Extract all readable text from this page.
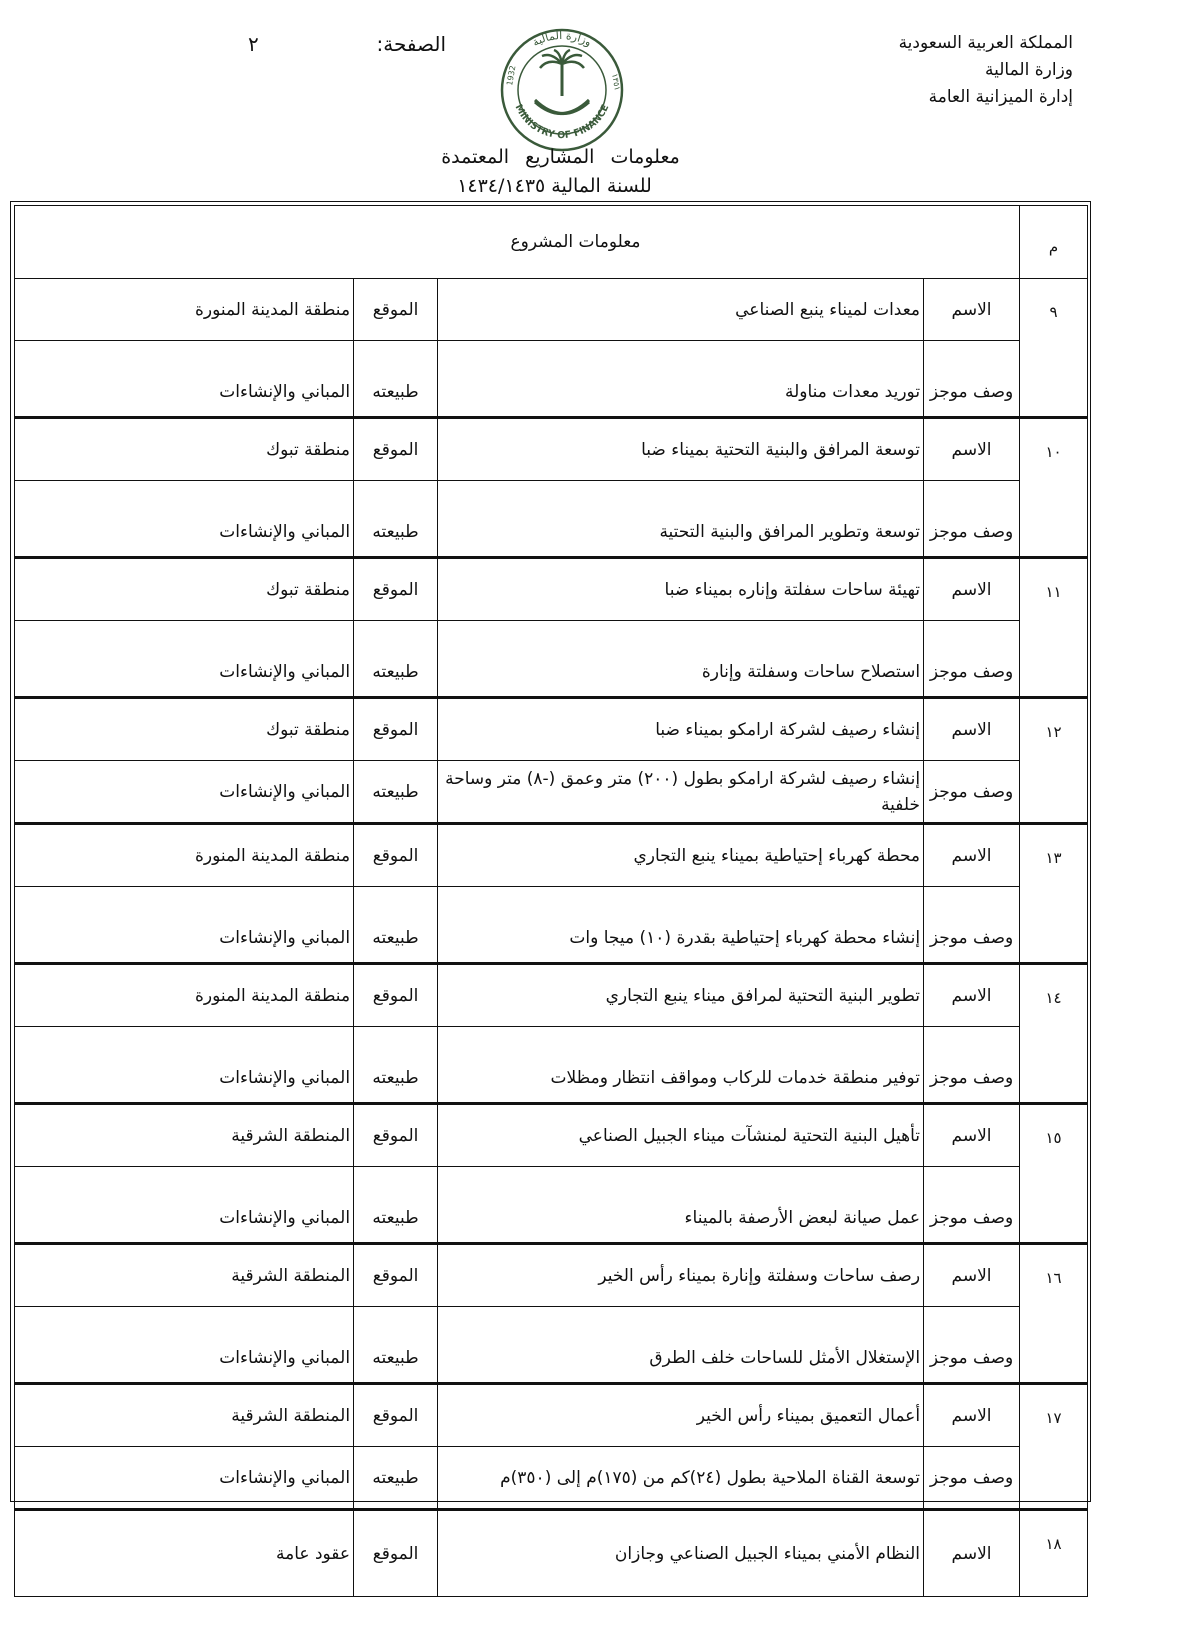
المملكة العربية السعودية
وزارة المالية
إدارة الميزانية العامة
الصفحة:
٢	وزارة المالية
MINISTRY OF FINANCE
1932	١٣٥١
معلومات المشاريع المعتمدة
للسنة المالية ١٤٣٤/١٤٣٥
م	معلومات المشروع			
٩	الاسم	معدات لميناء ينبع الصناعي	الموقع	منطقة المدينة المنورة
	وصف موجز	توريد معدات مناولة	طبيعته	المباني والإنشاءات
١٠	الاسم	توسعة المرافق والبنية التحتية بميناء ضبا	الموقع	منطقة تبوك
	وصف موجز	توسعة وتطوير المرافق والبنية التحتية	طبيعته	المباني والإنشاءات
١١	الاسم	تهيئة ساحات سفلتة وإناره بميناء ضبا	الموقع	منطقة تبوك
	وصف موجز	استصلاح ساحات وسفلتة وإنارة	طبيعته	المباني والإنشاءات
١٢	الاسم	إنشاء رصيف لشركة ارامكو بميناء ضبا	الموقع	منطقة تبوك
	وصف موجز	إنشاء رصيف لشركة ارامكو بطول (٢٠٠) متر وعمق (-٨) متر وساحة خلفية	طبيعته	المباني والإنشاءات
١٣	الاسم	محطة كهرباء إحتياطية بميناء ينبع التجاري	الموقع	منطقة المدينة المنورة
	وصف موجز	إنشاء محطة كهرباء إحتياطية بقدرة (١٠) ميجا وات	طبيعته	المباني والإنشاءات
١٤	الاسم	تطوير البنية التحتية لمرافق ميناء ينبع التجاري	الموقع	منطقة المدينة المنورة
	وصف موجز	توفير منطقة خدمات للركاب ومواقف انتظار ومظلات	طبيعته	المباني والإنشاءات
١٥	الاسم	تأهيل البنية التحتية لمنشآت ميناء الجبيل الصناعي	الموقع	المنطقة الشرقية
	وصف موجز	عمل صيانة لبعض الأرصفة بالميناء	طبيعته	المباني والإنشاءات
١٦	الاسم	رصف ساحات وسفلتة وإنارة بميناء رأس الخير	الموقع	المنطقة الشرقية
	وصف موجز	الإستغلال الأمثل للساحات خلف الطرق	طبيعته	المباني والإنشاءات
١٧	الاسم	أعمال التعميق بميناء رأس الخير	الموقع	المنطقة الشرقية
	وصف موجز	توسعة القناة الملاحية بطول (٢٤)كم من (١٧٥)م إلى (٣٥٠)م	طبيعته	المباني والإنشاءات
١٨	الاسم	النظام الأمني بميناء الجبيل الصناعي وجازان	الموقع	عقود عامة
